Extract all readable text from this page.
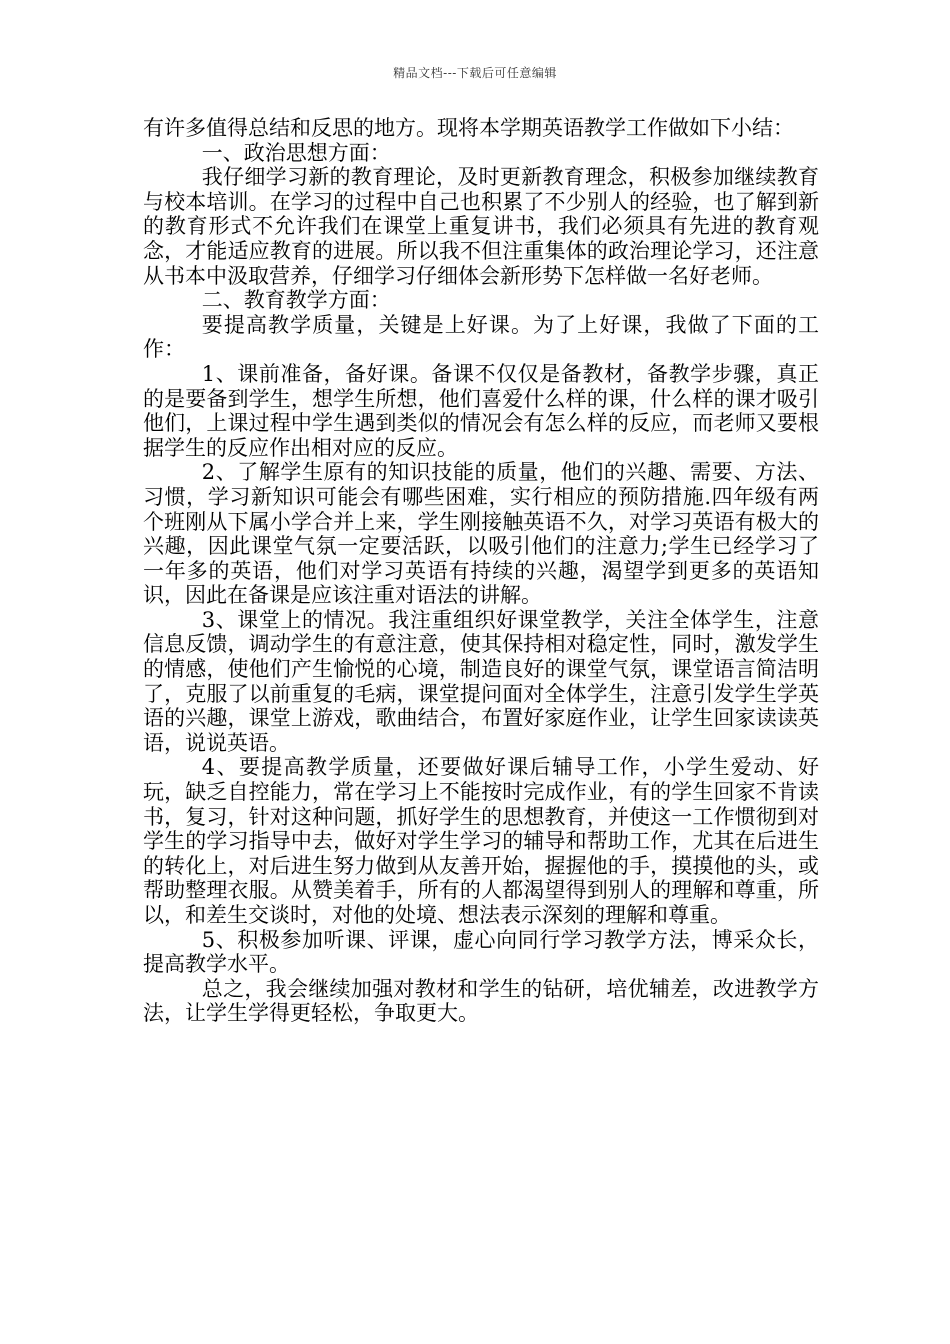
精品文档---下载后可任意编辑

有许多值得总结和反思的地方。现将本学期英语教学工作做如下小结：

一、政治思想方面：

我仔细学习新的教育理论，及时更新教育理念，积极参加继续教育与校本培训。在学习的过程中自己也积累了不少别人的经验，也了解到新的教育形式不允许我们在课堂上重复讲书，我们必须具有先进的教育观念，才能适应教育的进展。所以我不但注重集体的政治理论学习，还注意从书本中汲取营养，仔细学习仔细体会新形势下怎样做一名好老师。

二、教育教学方面：

要提高教学质量，关键是上好课。为了上好课，我做了下面的工作：

1、课前准备，备好课。备课不仅仅是备教材，备教学步骤，真正的是要备到学生，想学生所想，他们喜爱什么样的课，什么样的课才吸引他们，上课过程中学生遇到类似的情况会有怎么样的反应，而老师又要根据学生的反应作出相对应的反应。

2、了解学生原有的知识技能的质量，他们的兴趣、需要、方法、习惯，学习新知识可能会有哪些困难，实行相应的预防措施.四年级有两个班刚从下属小学合并上来，学生刚接触英语不久，对学习英语有极大的兴趣，因此课堂气氛一定要活跃，以吸引他们的注意力;学生已经学习了一年多的英语，他们对学习英语有持续的兴趣，渴望学到更多的英语知识，因此在备课是应该注重对语法的讲解。

3、课堂上的情况。我注重组织好课堂教学，关注全体学生，注意信息反馈，调动学生的有意注意，使其保持相对稳定性，同时，激发学生的情感，使他们产生愉悦的心境，制造良好的课堂气氛，课堂语言简洁明了，克服了以前重复的毛病，课堂提问面对全体学生，注意引发学生学英语的兴趣，课堂上游戏，歌曲结合，布置好家庭作业，让学生回家读读英语，说说英语。

4、要提高教学质量，还要做好课后辅导工作，小学生爱动、好玩，缺乏自控能力，常在学习上不能按时完成作业，有的学生回家不肯读书，复习，针对这种问题，抓好学生的思想教育，并使这一工作惯彻到对学生的学习指导中去，做好对学生学习的辅导和帮助工作，尤其在后进生的转化上，对后进生努力做到从友善开始，握握他的手，摸摸他的头，或帮助整理衣服。从赞美着手，所有的人都渴望得到别人的理解和尊重，所以，和差生交谈时，对他的处境、想法表示深刻的理解和尊重。

5、积极参加听课、评课，虚心向同行学习教学方法，博采众长，提高教学水平。

总之，我会继续加强对教材和学生的钻研，培优辅差，改进教学方法，让学生学得更轻松，争取更大。
